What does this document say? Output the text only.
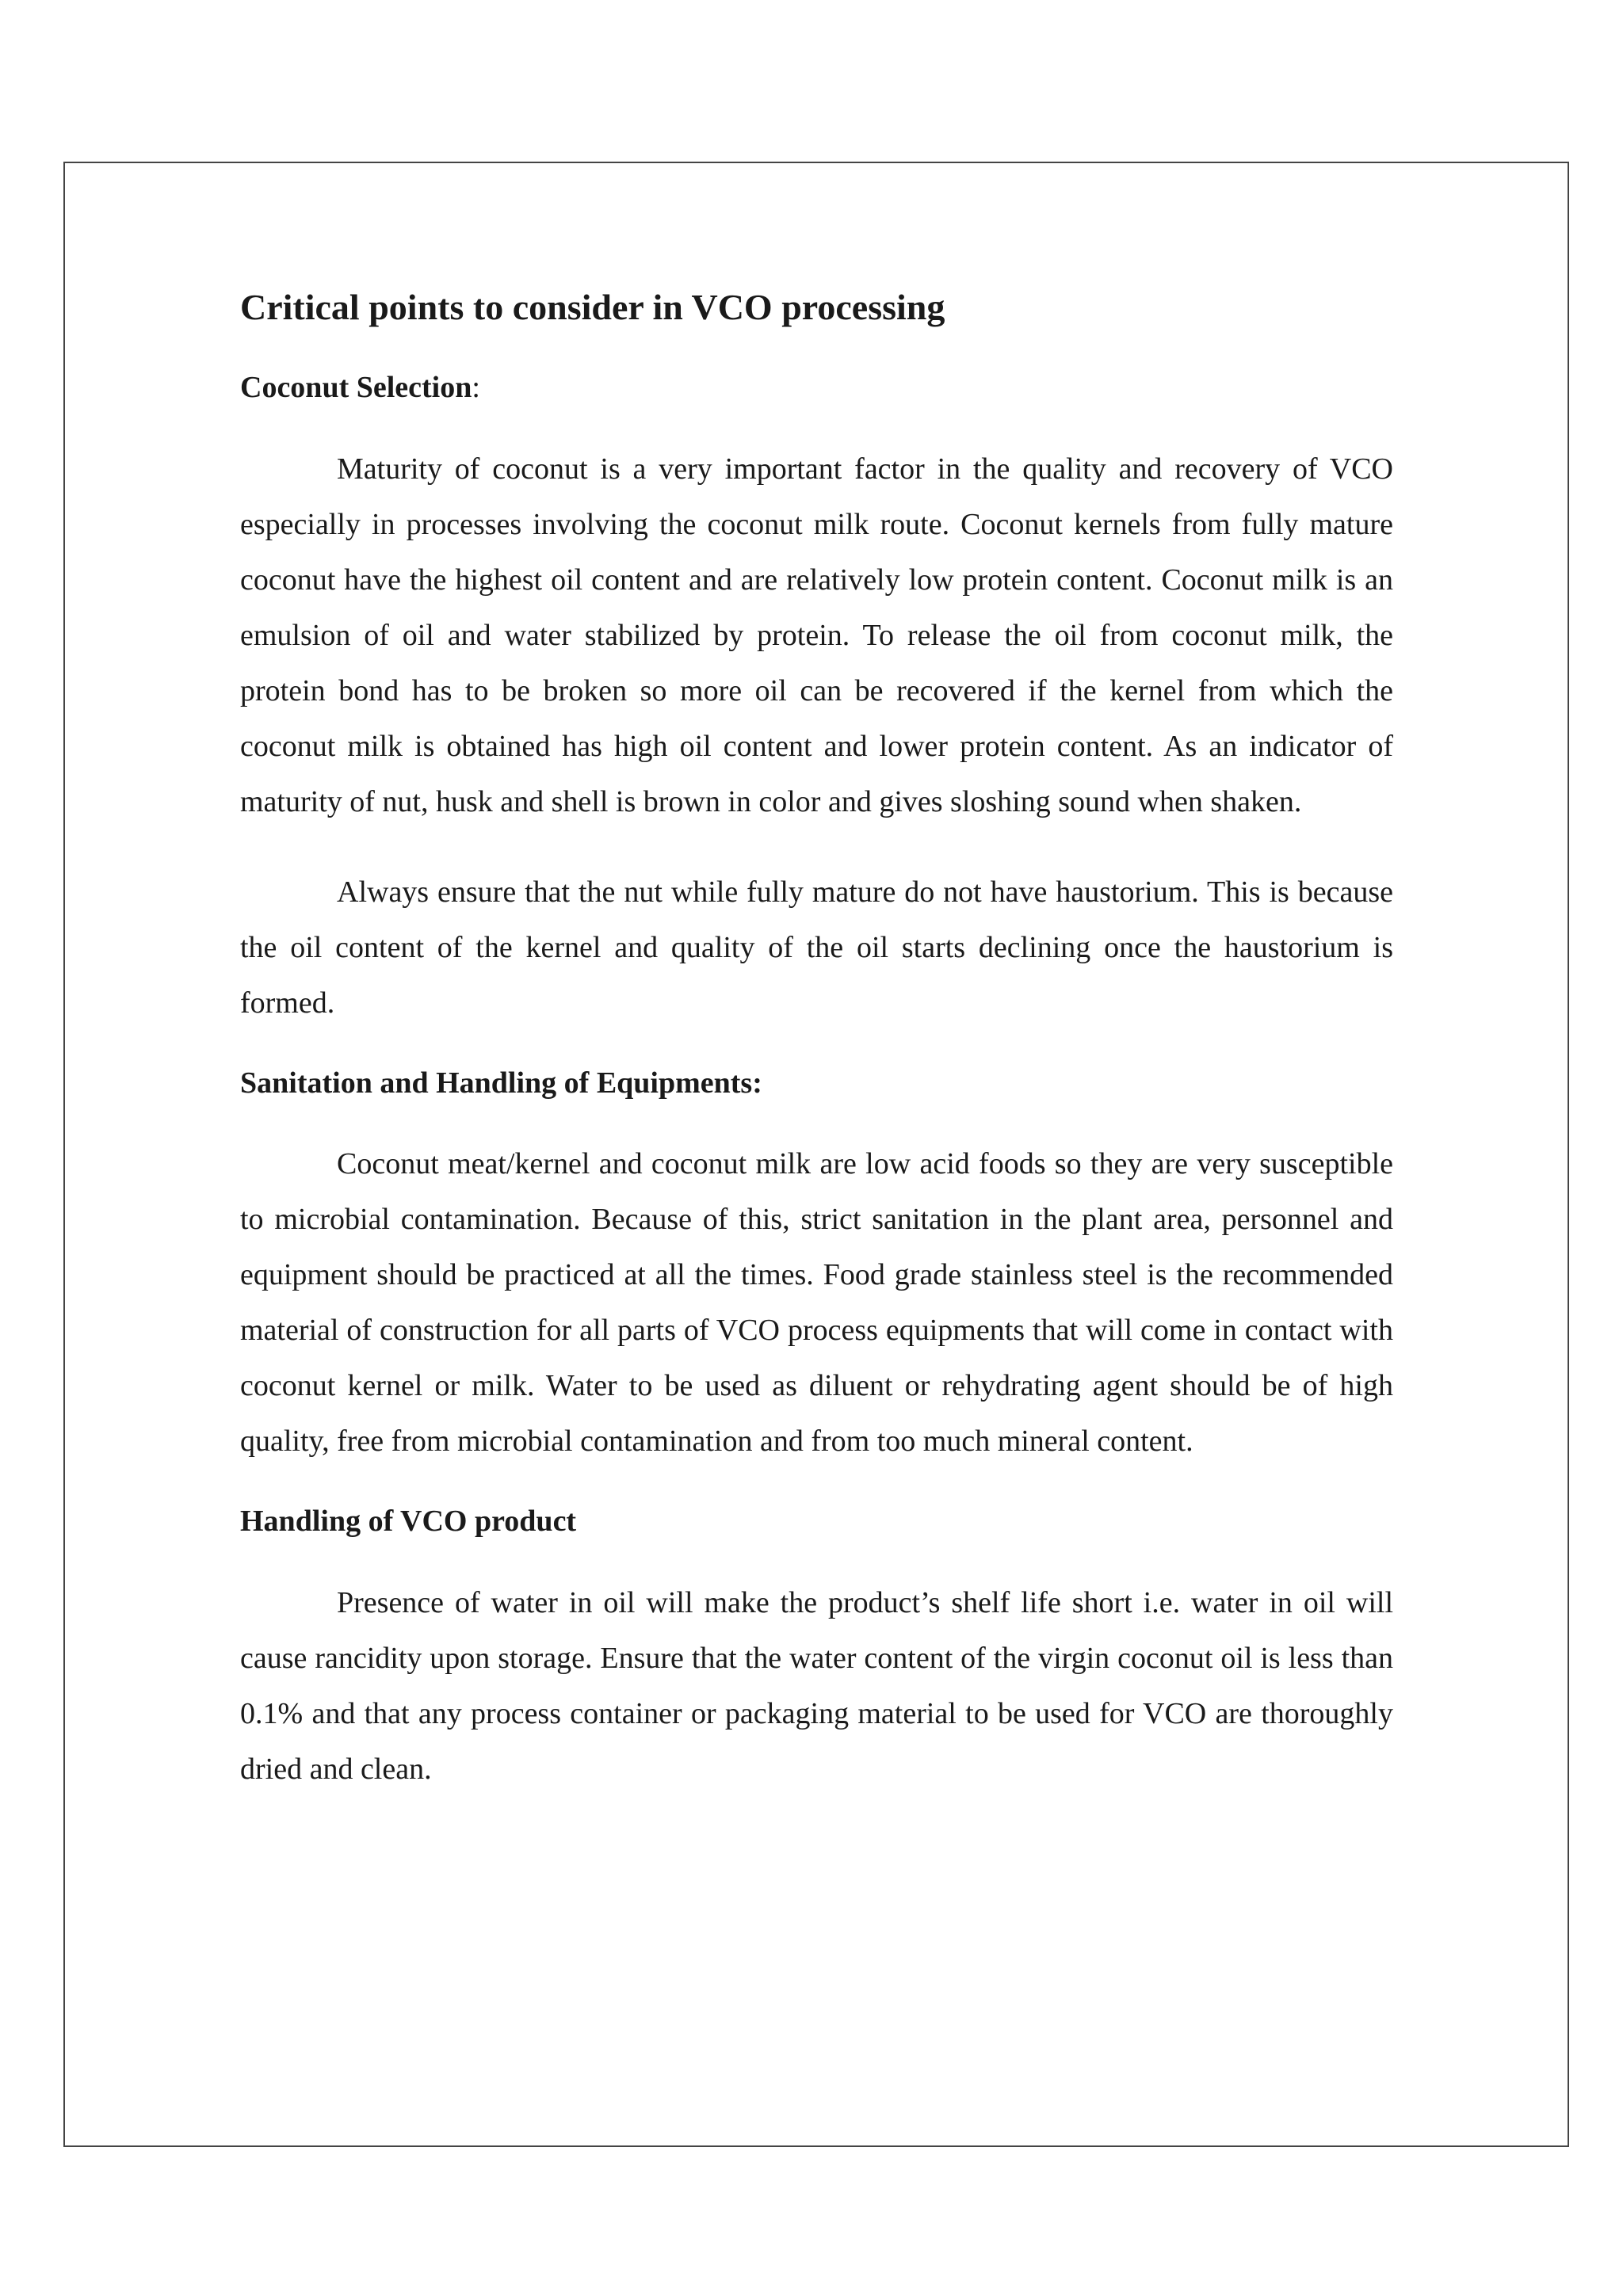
Critical points to consider in VCO processing
Coconut Selection:

Maturity of coconut is a very important factor in the quality and recovery of VCO especially in processes involving the coconut milk route. Coconut kernels from fully mature coconut have the highest oil content and are relatively low protein content. Coconut milk is an emulsion of oil and water stabilized by protein. To release the oil from coconut milk, the protein bond has to be broken so more oil can be recovered if the kernel from which the coconut milk is obtained has high oil content and lower protein content. As an indicator of maturity of nut, husk and shell is brown in color and gives sloshing sound when shaken.

Always ensure that the nut while fully mature do not have haustorium. This is because the oil content of the kernel and quality of the oil starts declining once the haustorium is formed.

Sanitation and Handling of Equipments:

Coconut meat/kernel and coconut milk are low acid foods so they are very susceptible to microbial contamination. Because of this, strict sanitation in the plant area, personnel and equipment should be practiced at all the times. Food grade stainless steel is the recommended material of construction for all parts of VCO process equipments that will come in contact with coconut kernel or milk. Water to be used as diluent or rehydrating agent should be of high quality, free from microbial contamination and from too much mineral content.

Handling of VCO product

Presence of water in oil will make the product’s shelf life short i.e. water in oil will cause rancidity upon storage. Ensure that the water content of the virgin coconut oil is less than 0.1% and that any process container or packaging material to be used for VCO are thoroughly dried and clean.
